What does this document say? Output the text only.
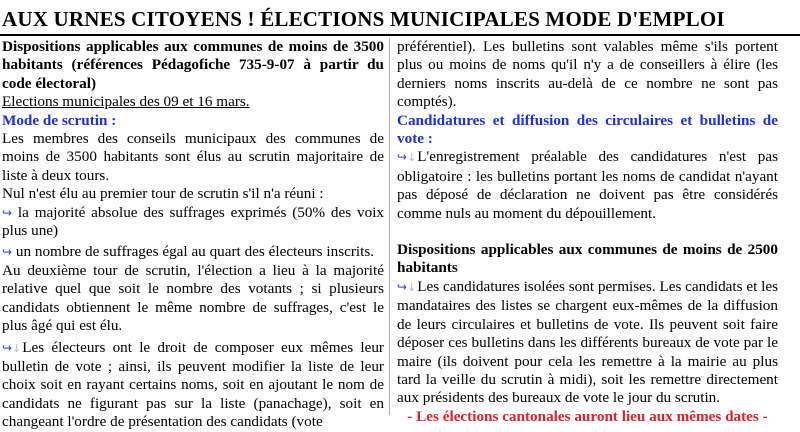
AUX URNES CITOYENS ! ÉLECTIONS MUNICIPALES MODE D'EMPLOI

Dispositions applicables aux communes de moins de 3500 habitants (références Pédagofiche 735-9-07 à partir du code électoral)

Elections municipales des 09 et 16 mars.

Mode de scrutin :

Les membres des conseils municipaux des communes de moins de 3500 habitants sont élus au scrutin majoritaire de liste à deux tours.

Nul n'est élu au premier tour de scrutin s'il n'a réuni :

↪ la majorité absolue des suffrages exprimés (50% des voix plus une)

↪ un nombre de suffrages égal au quart des électeurs inscrits.

Au deuxième tour de scrutin, l'élection a lieu à la majorité relative quel que soit le nombre des votants ; si plusieurs candidats obtiennent le même nombre de suffrages, c'est le plus âgé qui est élu.

↪↓Les électeurs ont le droit de composer eux mêmes leur bulletin de vote ; ainsi, ils peuvent modifier la liste de leur choix soit en rayant certains noms, soit en ajoutant le nom de candidats ne figurant pas sur la liste (panachage), soit en changeant l'ordre de présentation des candidats (vote

préférentiel). Les bulletins sont valables même s'ils portent plus ou moins de noms qu'il n'y a de conseillers à élire (les derniers noms inscrits au-delà de ce nombre ne sont pas comptés).

Candidatures et diffusion des circulaires et bulletins de vote :

↪↓L'enregistrement préalable des candidatures n'est pas obligatoire : les bulletins portant les noms de candidat n'ayant pas déposé de déclaration ne doivent pas être considérés comme nuls au moment du dépouillement.

Dispositions applicables aux communes de moins de 2500 habitants

↪↓Les candidatures isolées sont permises. Les candidats et les mandataires des listes se chargent eux-mêmes de la diffusion de leurs circulaires et bulletins de vote. Ils peuvent soit faire déposer ces bulletins dans les différents bureaux de vote par le maire (ils doivent pour cela les remettre à la mairie au plus tard la veille du scrutin à midi), soit les remettre directement aux présidents des bureaux de vote le jour du scrutin.

- Les élections cantonales auront lieu aux mêmes dates -
